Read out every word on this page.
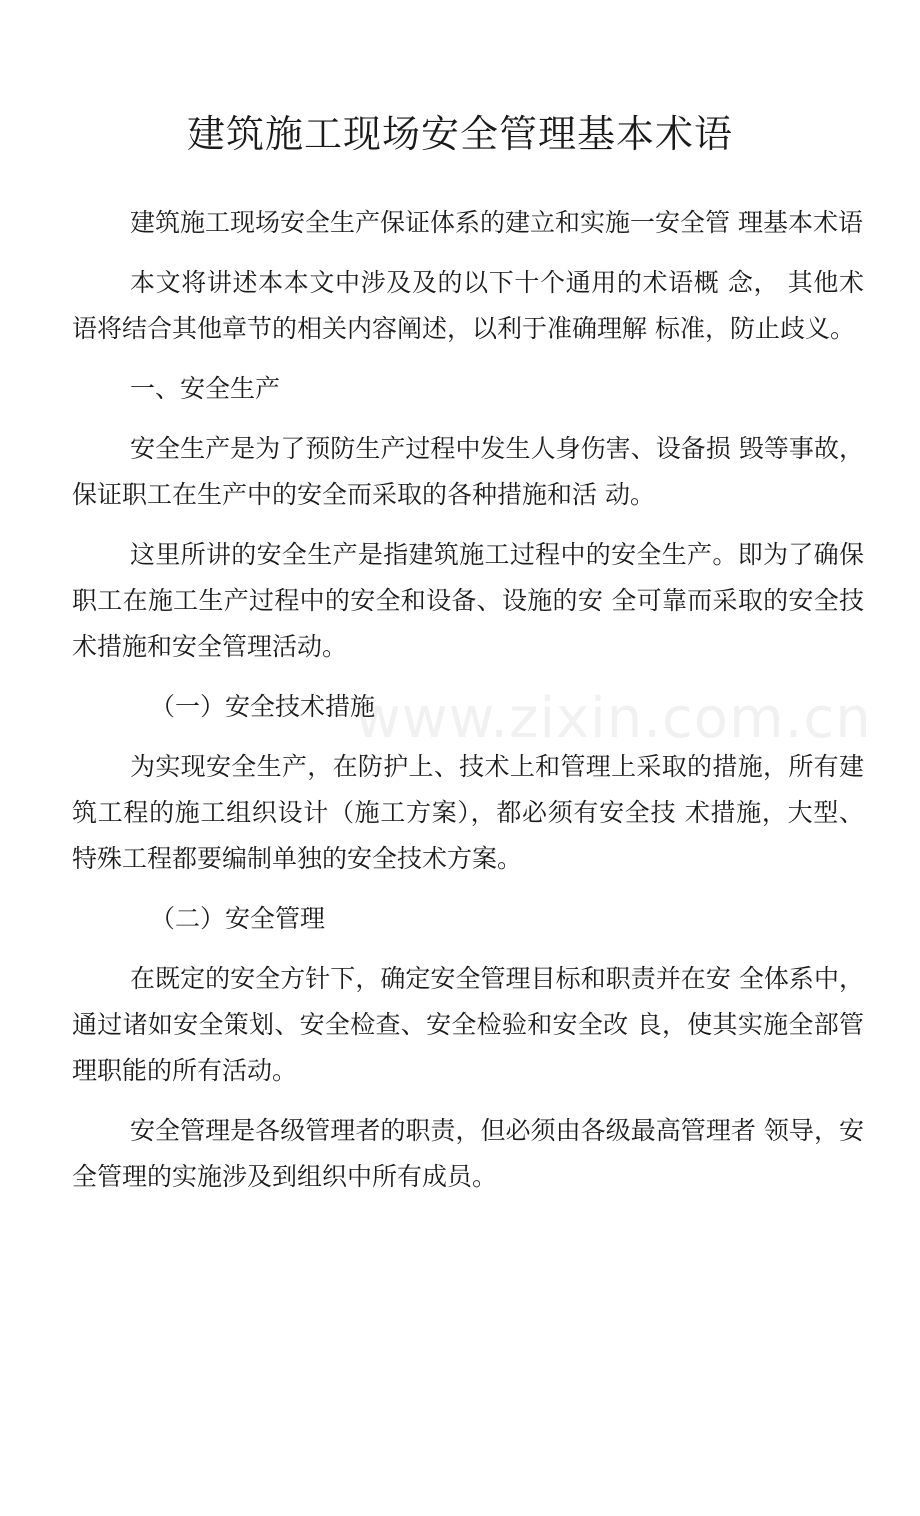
www.zixin.com.cn
建筑施工现场安全管理基本术语

建筑施工现场安全生产保证体系的建立和实施一安全管 理基本术语

本文将讲述本本文中涉及及的以下十个通用的术语概 念， 其他术语将结合其他章节的相关内容阐述，以利于准确理解 标准，防止歧义。

一、安全生产

安全生产是为了预防生产过程中发生人身伤害、设备损 毁等事故，保证职工在生产中的安全而采取的各种措施和活 动。

这里所讲的安全生产是指建筑施工过程中的安全生产。即为了确保职工在施工生产过程中的安全和设备、设施的安 全可靠而采取的安全技术措施和安全管理活动。

（一）安全技术措施

为实现安全生产，在防护上、技术上和管理上采取的措施，所有建筑工程的施工组织设计（施工方案），都必须有安全技 术措施，大型、特殊工程都要编制单独的安全技术方案。

（二）安全管理

在既定的安全方针下，确定安全管理目标和职责并在安 全体系中，通过诸如安全策划、安全检查、安全检验和安全改 良，使其实施全部管理职能的所有活动。

安全管理是各级管理者的职责，但必须由各级最高管理者 领导，安全管理的实施涉及到组织中所有成员。
